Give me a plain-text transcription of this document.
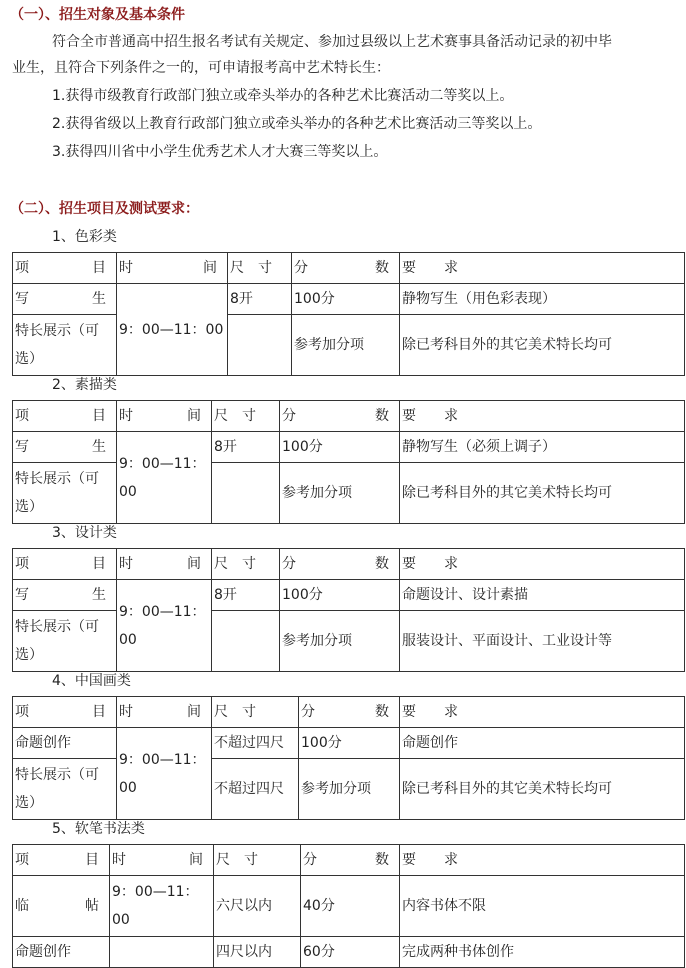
（一）、招生对象及基本条件
符合全市普通高中招生报名考试有关规定、参加过县级以上艺术赛事具备活动记录的初中毕
业生，且符合下列条件之一的，可申请报考高中艺术特长生：
1.获得市级教育行政部门独立或牵头举办的各种艺术比赛活动二等奖以上。
2.获得省级以上教育行政部门独立或牵头举办的各种艺术比赛活动三等奖以上。
3.获得四川省中小学生优秀艺术人才大赛三等奖以上。
（二）、招生项目及测试要求：
1、色彩类
项　　目	时　　间	尺　寸	分　　数	要　　求
写　　生	9：00—11：00	8开	100分	静物写生（用色彩表现）
特长展示（可选）			参考加分项	除已考科目外的其它美术特长均可
2、素描类
项　　目	时　　间	尺　寸	分　　数	要　　求
写　　生	9：00—11：00	8开	100分	静物写生（必须上调子）
特长展示（可选）			参考加分项	除已考科目外的其它美术特长均可
3、设计类
项　　目	时　　间	尺　寸	分　　数	要　　求
写　　生	9：00—11：00	8开	100分	命题设计、设计素描
特长展示（可选）			参考加分项	服装设计、平面设计、工业设计等
4、中国画类
项　　目	时　　间	尺　寸	分　　数	要　　求
命题创作	9：00—11：00	不超过四尺	100分	命题创作
特长展示（可选）		不超过四尺	参考加分项	除已考科目外的其它美术特长均可
5、软笔书法类
项　　目	时　　间	尺　寸	分　　数	要　　求
临　　帖	9：00—11：00	六尺以内	40分	内容书体不限
命题创作		四尺以内	60分	完成两种书体创作
